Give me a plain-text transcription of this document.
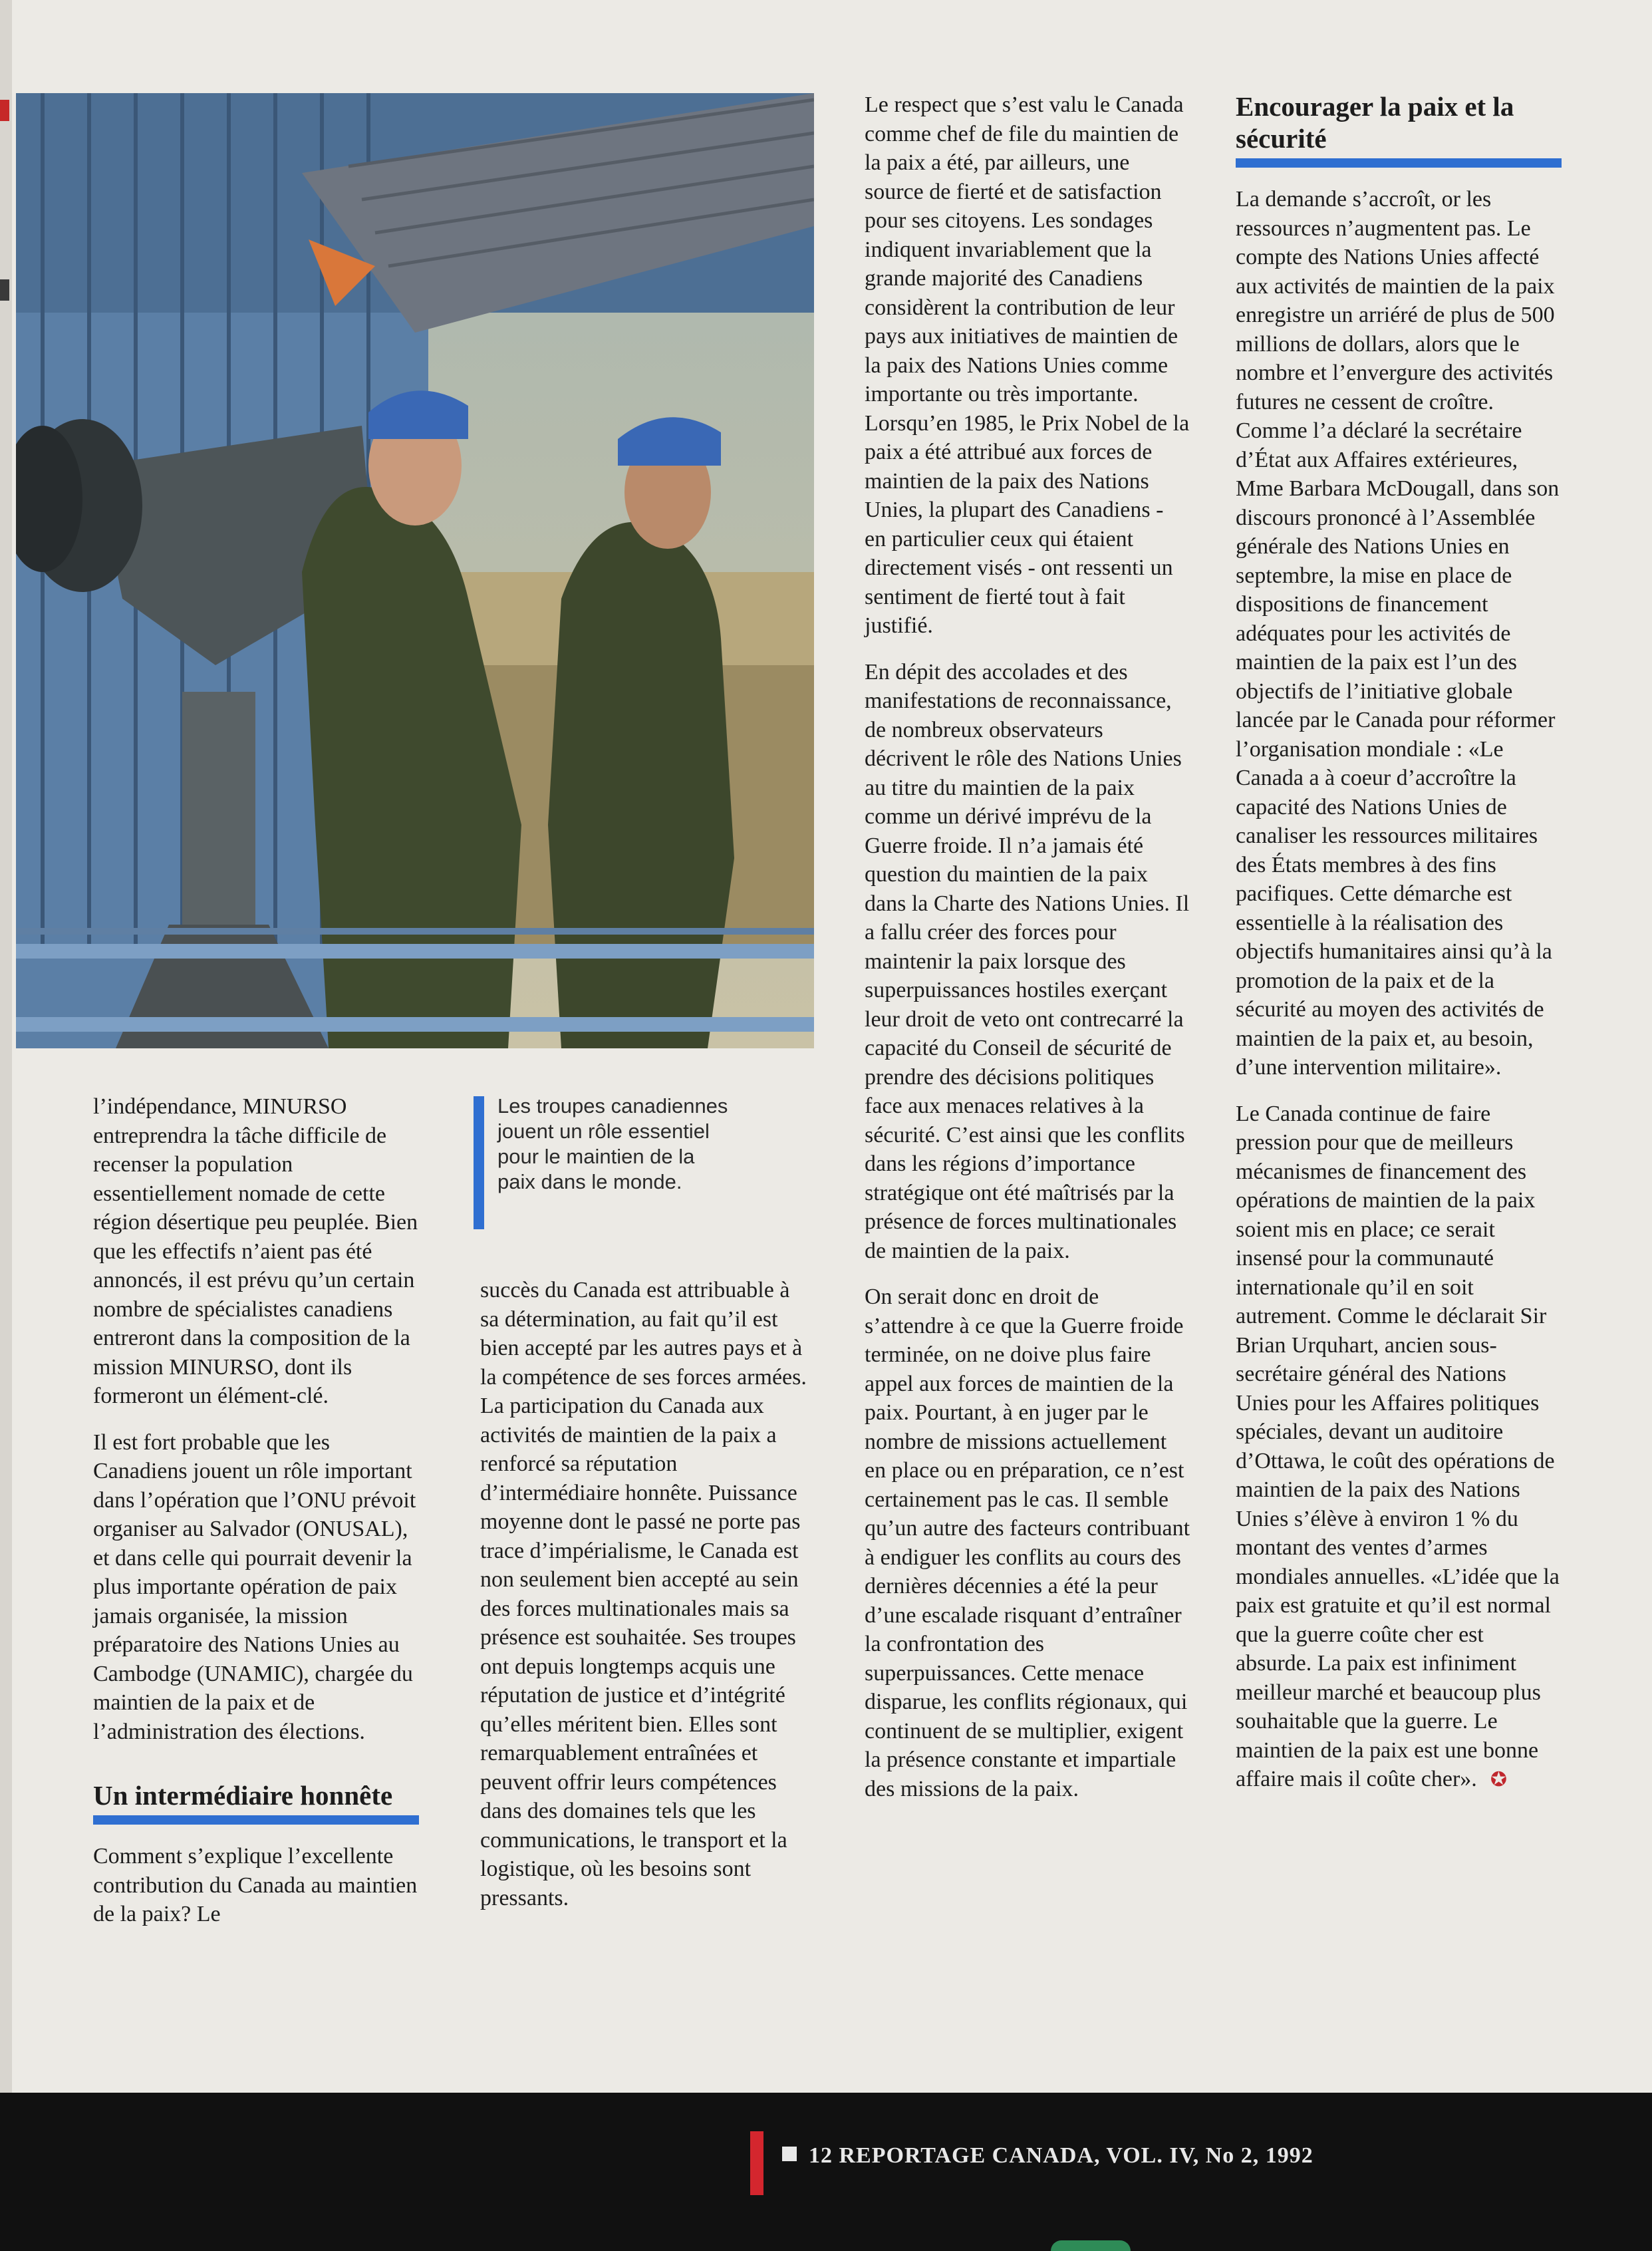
l’indépendance, MINURSO entreprendra la tâche difficile de recenser la population essentiellement nomade de cette région désertique peu peuplée. Bien que les effectifs n’aient pas été annoncés, il est prévu qu’un certain nombre de spécialistes canadiens entreront dans la composition de la mission MINURSO, dont ils formeront un élément-clé.

Il est fort probable que les Canadiens jouent un rôle important dans l’opération que l’ONU prévoit organiser au Salvador (ONUSAL), et dans celle qui pourrait devenir la plus importante opération de paix jamais organisée, la mission préparatoire des Nations Unies au Cambodge (UNAMIC), chargée du maintien de la paix et de l’administration des élections.

Un intermédiaire honnête

Comment s’explique l’excellente contribution du Canada au maintien de la paix? Le

Les troupes canadiennes jouent un rôle essentiel pour le maintien de la paix dans le monde.

succès du Canada est attribuable à sa détermination, au fait qu’il est bien accepté par les autres pays et à la compétence de ses forces armées. La participation du Canada aux activités de maintien de la paix a renforcé sa réputation d’intermédiaire honnête. Puissance moyenne dont le passé ne porte pas trace d’impérialisme, le Canada est non seulement bien accepté au sein des forces multinationales mais sa présence est souhaitée. Ses troupes ont depuis longtemps acquis une réputation de justice et d’intégrité qu’elles méritent bien. Elles sont remarquablement entraînées et peuvent offrir leurs compétences dans des domaines tels que les communications, le transport et la logistique, où les besoins sont pressants.

Le respect que s’est valu le Canada comme chef de file du maintien de la paix a été, par ailleurs, une source de fierté et de satisfaction pour ses citoyens. Les sondages indiquent invariablement que la grande majorité des Canadiens considèrent la contribution de leur pays aux initiatives de maintien de la paix des Nations Unies comme importante ou très importante. Lorsqu’en 1985, le Prix Nobel de la paix a été attribué aux forces de maintien de la paix des Nations Unies, la plupart des Canadiens - en particulier ceux qui étaient directement visés - ont ressenti un sentiment de fierté tout à fait justifié.

En dépit des accolades et des manifestations de reconnaissance, de nombreux observateurs décrivent le rôle des Nations Unies au titre du maintien de la paix comme un dérivé imprévu de la Guerre froide. Il n’a jamais été question du maintien de la paix dans la Charte des Nations Unies. Il a fallu créer des forces pour maintenir la paix lorsque des superpuissances hostiles exerçant leur droit de veto ont contrecarré la capacité du Conseil de sécurité de prendre des décisions politiques face aux menaces relatives à la sécurité. C’est ainsi que les conflits dans les régions d’importance stratégique ont été maîtrisés par la présence de forces multinationales de maintien de la paix.

On serait donc en droit de s’attendre à ce que la Guerre froide terminée, on ne doive plus faire appel aux forces de maintien de la paix. Pourtant, à en juger par le nombre de missions actuellement en place ou en préparation, ce n’est certainement pas le cas. Il semble qu’un autre des facteurs contribuant à endiguer les conflits au cours des dernières décennies a été la peur d’une escalade risquant d’entraîner la confrontation des superpuissances. Cette menace disparue, les conflits régionaux, qui continuent de se multiplier, exigent la présence constante et impartiale des missions de la paix.

Encourager la paix et la sécurité

La demande s’accroît, or les ressources n’augmentent pas. Le compte des Nations Unies affecté aux activités de maintien de la paix enregistre un arriéré de plus de 500 millions de dollars, alors que le nombre et l’envergure des activités futures ne cessent de croître. Comme l’a déclaré la secrétaire d’État aux Affaires extérieures, Mme Barbara McDougall, dans son discours prononcé à l’Assemblée générale des Nations Unies en septembre, la mise en place de dispositions de financement adéquates pour les activités de maintien de la paix est l’un des objectifs de l’initiative globale lancée par le Canada pour réformer l’organisation mondiale : «Le Canada a à coeur d’accroître la capacité des Nations Unies de canaliser les ressources militaires des États membres à des fins pacifiques. Cette démarche est essentielle à la réalisation des objectifs humanitaires ainsi qu’à la promotion de la paix et de la sécurité au moyen des activités de maintien de la paix et, au besoin, d’une intervention militaire».

Le Canada continue de faire pression pour que de meilleurs mécanismes de financement des opérations de maintien de la paix soient mis en place; ce serait insensé pour la communauté internationale qu’il en soit autrement. Comme le déclarait Sir Brian Urquhart, ancien sous-secrétaire général des Nations Unies pour les Affaires politiques spéciales, devant un auditoire d’Ottawa, le coût des opérations de maintien de la paix des Nations Unies s’élève à environ 1 % du montant des ventes d’armes mondiales annuelles. «L’idée que la paix est gratuite et qu’il est normal que la guerre coûte cher est absurde. La paix est infiniment meilleur marché et beaucoup plus souhaitable que la guerre. Le maintien de la paix est une bonne affaire mais il coûte cher». ✪

12 REPORTAGE CANADA, VOL. IV, No 2, 1992
